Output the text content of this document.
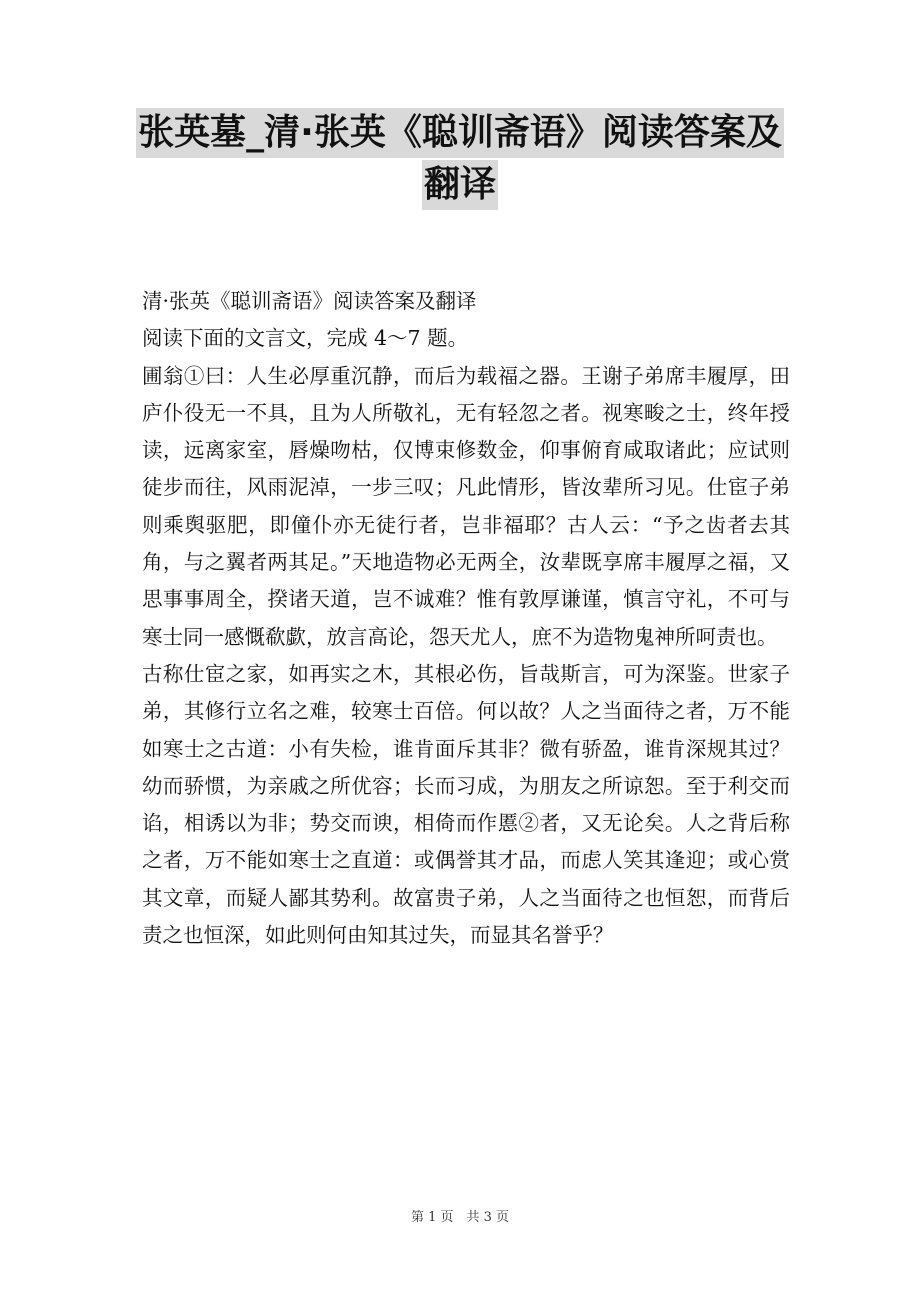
张英墓_清·张英《聪训斋语》阅读答案及
翻译

清·张英《聪训斋语》阅读答案及翻译

阅读下面的文言文，完成 4～7 题。

圃翁①曰：人生必厚重沉静，而后为载福之器。王谢子弟席丰履厚，田庐仆役无一不具，且为人所敬礼，无有轻忽之者。视寒畯之士，终年授读，远离家室，唇燥吻枯，仅博束修数金，仰事俯育咸取诸此；应试则徒步而往，风雨泥淖，一步三叹；凡此情形，皆汝辈所习见。仕宦子弟则乘舆驱肥，即僮仆亦无徒行者，岂非福耶？古人云：“予之齿者去其角，与之翼者两其足。”天地造物必无两全，汝辈既享席丰履厚之福，又思事事周全，揆诸天道，岂不诚难？惟有敦厚谦谨，慎言守礼，不可与寒士同一感慨欷歔，放言高论，怨天尤人，庶不为造物鬼神所呵责也。

古称仕宦之家，如再实之木，其根必伤，旨哉斯言，可为深鉴。世家子弟，其修行立名之难，较寒士百倍。何以故？人之当面待之者，万不能如寒士之古道：小有失检，谁肯面斥其非？微有骄盈，谁肯深规其过？幼而骄惯，为亲戚之所优容；长而习成，为朋友之所谅恕。至于利交而谄，相诱以为非；势交而谀，相倚而作慝②者，又无论矣。人之背后称之者，万不能如寒士之直道：或偶誉其才品，而虑人笑其逢迎；或心赏其文章，而疑人鄙其势利。故富贵子弟，人之当面待之也恒恕，而背后责之也恒深，如此则何由知其过失，而显其名誉乎？

第 1 页　共 3 页
